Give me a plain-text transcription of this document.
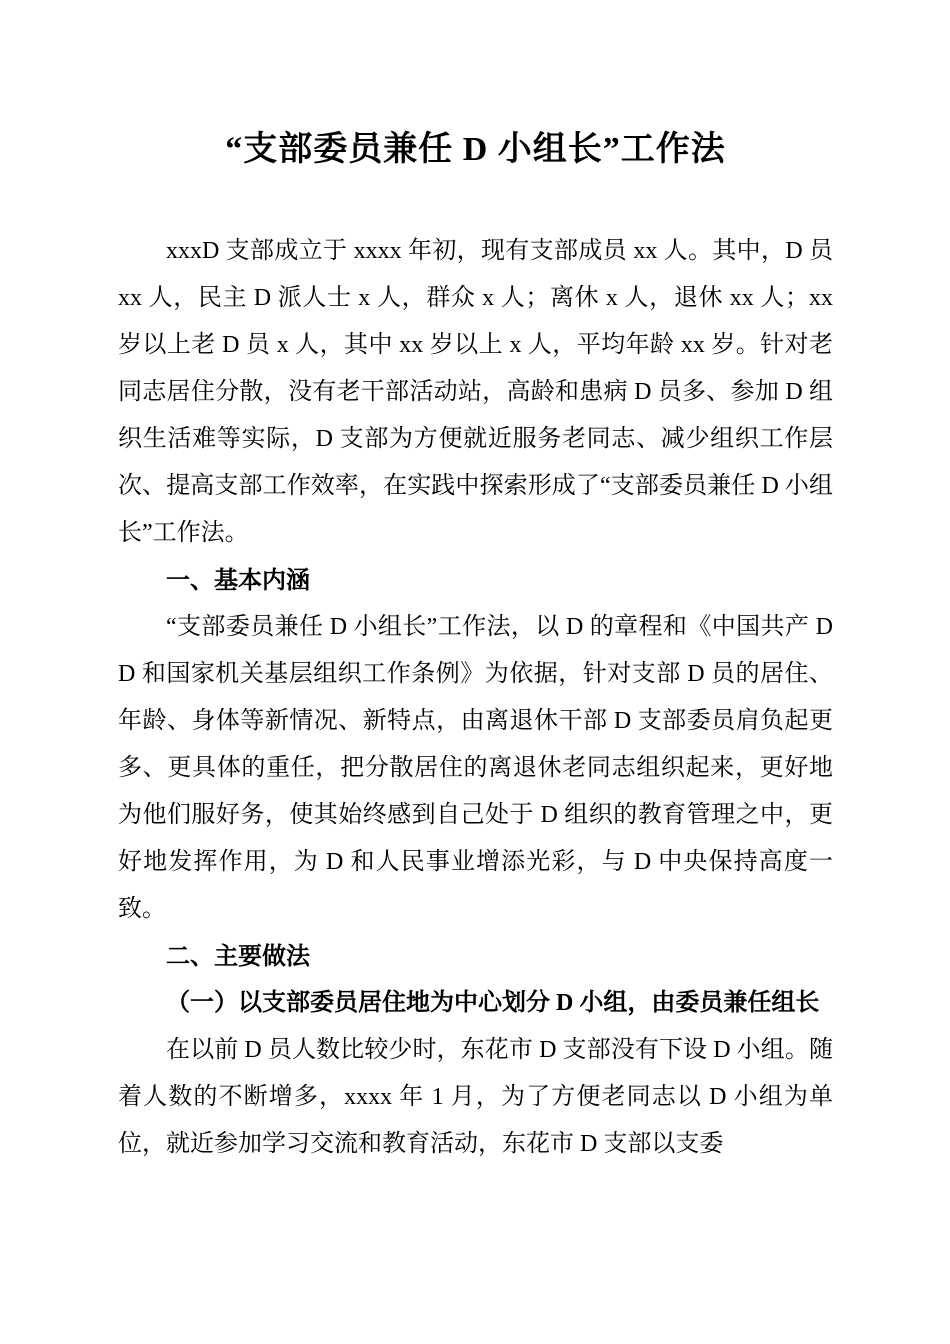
“支部委员兼任 D 小组长”工作法

xxxD 支部成立于 xxxx 年初，现有支部成员 xx 人。其中，D 员 xx 人，民主 D 派人士 x 人，群众 x 人；离休 x 人，退休 xx 人；xx 岁以上老 D 员 x 人，其中 xx 岁以上 x 人，平均年龄 xx 岁。针对老同志居住分散，没有老干部活动站，高龄和患病 D 员多、参加 D 组织生活难等实际，D 支部为方便就近服务老同志、减少组织工作层次、提高支部工作效率，在实践中探索形成了“支部委员兼任 D 小组长”工作法。

一、基本内涵

“支部委员兼任 D 小组长”工作法，以 D 的章程和《中国共产 DD 和国家机关基层组织工作条例》为依据，针对支部 D 员的居住、年龄、身体等新情况、新特点，由离退休干部 D 支部委员肩负起更多、更具体的重任，把分散居住的离退休老同志组织起来，更好地为他们服好务，使其始终感到自己处于 D 组织的教育管理之中，更好地发挥作用，为 D 和人民事业增添光彩，与 D 中央保持高度一致。

二、主要做法

（一）以支部委员居住地为中心划分 D 小组，由委员兼任组长

在以前 D 员人数比较少时，东花市 D 支部没有下设 D 小组。随着人数的不断增多，xxxx 年 1 月，为了方便老同志以 D 小组为单位，就近参加学习交流和教育活动，东花市 D 支部以支委
